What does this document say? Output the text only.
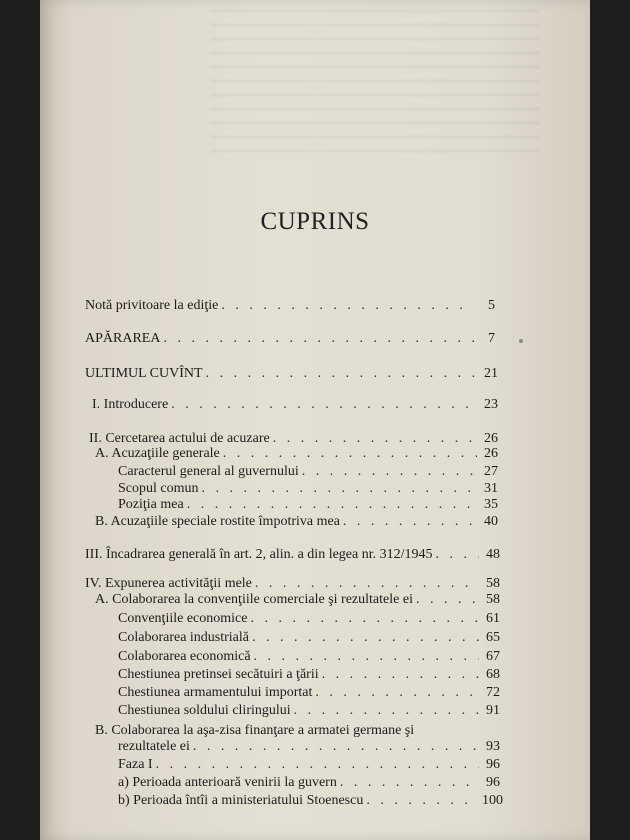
CUPRINS
Notă privitoare la ediţie . . .	5
APĂRAREA . . .	7
ULTIMUL CUVÎNT . . .	21
I. Introducere . . .	23
II. Cercetarea actului de acuzare . . .	26
A. Acuzaţiile generale . . .	26
Caracterul general al guvernului . . .	27
Scopul comun . . .	31
Poziţia mea . . .	35
B. Acuzaţiile speciale rostite împotriva mea . . .	40
III. Încadrarea generală în art. 2, alin. a din legea nr. 312/1945 . . .	48
IV. Expunerea activităţii mele . . .	58
A. Colaborarea la convenţiile comerciale şi rezultatele ei . . .	58
Convenţiile economice . . .	61
Colaborarea industrială . . .	65
Colaborarea economică . . .	67
Chestiunea pretinsei secătuiri a ţării . . .	68
Chestiunea armamentului importat . . .	72
Chestiunea soldului cliringului . . .	91
B. Colaborarea la aşa-zisa finanţare a armatei germane şi
rezultatele ei . . .	93
Faza I . . .	96
a) Perioada anterioară venirii la guvern . . .	96
b) Perioada întîi a ministeriatului Stoenescu . . .	100
